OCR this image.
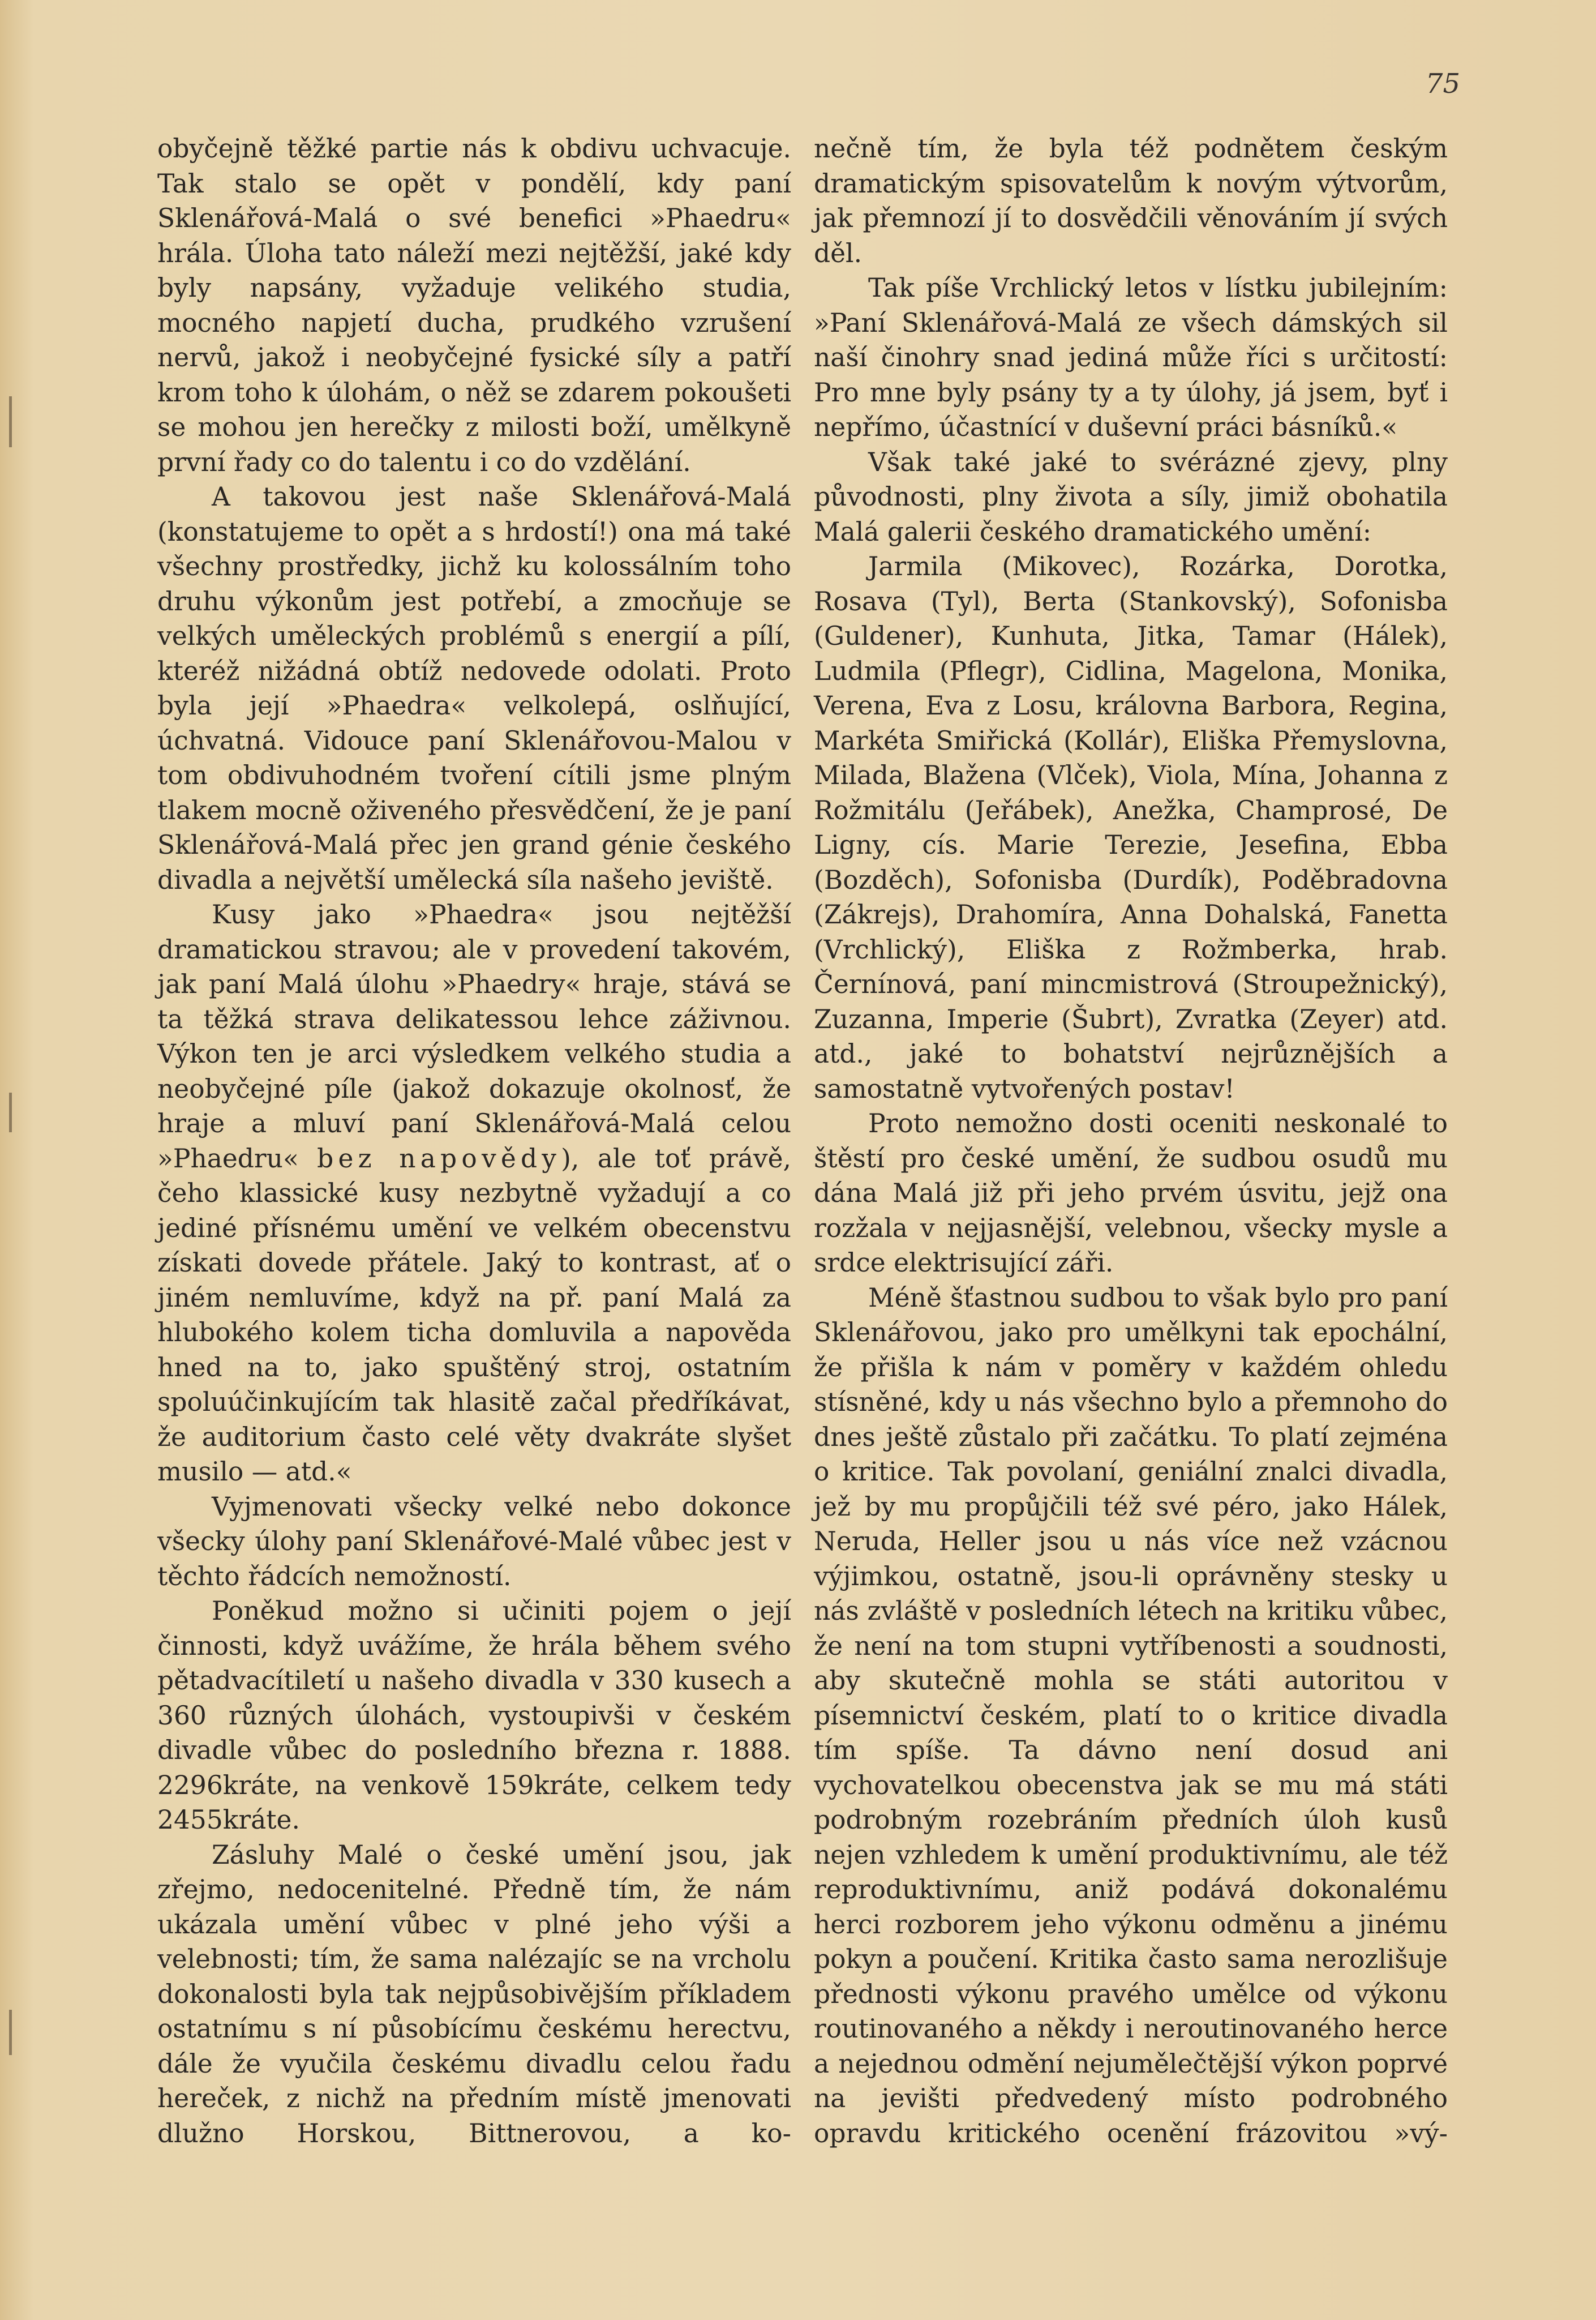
75

obyčejně těžké partie nás k obdivu uchvacuje. Tak stalo se opět v pondělí, kdy paní Sklenářová-Malá o své benefici »Phaedru« hrála. Úloha tato náleží mezi nejtěžší, jaké kdy byly napsány, vyžaduje velikého studia, mocného napjetí ducha, prudkého vzrušení nervů, jakož i neobyčejné fysické síly a patří krom toho k úlohám, o něž se zdarem pokoušeti se mohou jen herečky z milosti boží, umělkyně první řady co do talentu i co do vzdělání.

A takovou jest naše Sklenářová-Malá (konstatujeme to opět a s hrdostí!) ona má také všechny prostředky, jichž ku kolossálním toho druhu výkonům jest potřebí, a zmocňuje se velkých uměleckých problémů s energií a pílí, kteréž nižádná obtíž nedovede odolati. Proto byla její »Phaedra« velkolepá, oslňující, úchvatná. Vidouce paní Sklenářovou-Malou v tom obdivuhodném tvoření cítili jsme plným tlakem mocně oživeného přesvědčení, že je paní Sklenářová-Malá přec jen grand génie českého divadla a největší umělecká síla našeho jeviště.

Kusy jako »Phaedra« jsou nejtěžší dramatickou stravou; ale v provedení takovém, jak paní Malá úlohu »Phaedry« hraje, stává se ta těžká strava delikatessou lehce záživnou. Výkon ten je arci výsledkem velkého studia a neobyčejné píle (jakož dokazuje okolnosť, že hraje a mluví paní Sklenářová-Malá celou »Phaedru« bez napovědy), ale toť právě, čeho klassické kusy nezbytně vyžadují a co jediné přísnému umění ve velkém obecenstvu získati dovede přátele. Jaký to kontrast, ať o jiném nemluvíme, když na př. paní Malá za hlubokého kolem ticha domluvila a napověda hned na to, jako spuštěný stroj, ostatním spoluúčinkujícím tak hlasitě začal předříkávat, že auditorium často celé věty dvakráte slyšet musilo — atd.«

Vyjmenovati všecky velké nebo dokonce všecky úlohy paní Sklenářové-Malé vůbec jest v těchto řádcích nemožností.

Poněkud možno si učiniti pojem o její činnosti, když uvážíme, že hrála během svého pětadvacítiletí u našeho divadla v 330 kusech a 360 různých úlohách, vystoupivši v českém divadle vůbec do posledního března r. 1888. 2296kráte, na venkově 159kráte, celkem tedy 2455kráte.

Zásluhy Malé o české umění jsou, jak zřejmo, nedocenitelné. Předně tím, že nám ukázala umění vůbec v plné jeho výši a velebnosti; tím, že sama nalézajíc se na vrcholu dokonalosti byla tak nejpůsobivějším příkladem ostatnímu s ní působícímu českému herectvu, dále že vyučila českému divadlu celou řadu hereček, z nichž na předním místě jmenovati dlužno Horskou, Bittnerovou, a ko-

nečně tím, že byla též podnětem českým dramatickým spisovatelům k novým výtvorům, jak přemnozí jí to dosvědčili věnováním jí svých děl.

Tak píše Vrchlický letos v lístku jubilejním: »Paní Sklenářová-Malá ze všech dámských sil naší činohry snad jediná může říci s určitostí: Pro mne byly psány ty a ty úlohy, já jsem, byť i nepřímo, účastnící v duševní práci básníků.«

Však také jaké to svérázné zjevy, plny původnosti, plny života a síly, jimiž obohatila Malá galerii českého dramatického umění:

Jarmila (Mikovec), Rozárka, Dorotka, Rosava (Tyl), Berta (Stankovský), Sofonisba (Guldener), Kunhuta, Jitka, Tamar (Hálek), Ludmila (Pflegr), Cidlina, Magelona, Monika, Verena, Eva z Losu, královna Barbora, Regina, Markéta Smiřická (Kollár), Eliška Přemyslovna, Milada, Blažena (Vlček), Viola, Mína, Johanna z Rožmitálu (Jeřábek), Anežka, Champrosé, De Ligny, cís. Marie Terezie, Jesefina, Ebba (Bozděch), Sofonisba (Durdík), Poděbradovna (Zákrejs), Drahomíra, Anna Dohalská, Fanetta (Vrchlický), Eliška z Rožmberka, hrab. Černínová, paní mincmistrová (Stroupežnický), Zuzanna, Imperie (Šubrt), Zvratka (Zeyer) atd. atd., jaké to bohatství nejrůznějších a samostatně vytvořených postav!

Proto nemožno dosti oceniti neskonalé to štěstí pro české umění, že sudbou osudů mu dána Malá již při jeho prvém úsvitu, jejž ona rozžala v nejjasnější, velebnou, všecky mysle a srdce elektrisující záři.

Méně šťastnou sudbou to však bylo pro paní Sklenářovou, jako pro umělkyni tak epochální, že přišla k nám v poměry v každém ohledu stísněné, kdy u nás všechno bylo a přemnoho do dnes ještě zůstalo při začátku. To platí zejména o kritice. Tak povolaní, geniální znalci divadla, jež by mu propůjčili též své péro, jako Hálek, Neruda, Heller jsou u nás více než vzácnou výjimkou, ostatně, jsou-li oprávněny stesky u nás zvláště v posledních létech na kritiku vůbec, že není na tom stupni vytříbenosti a soudnosti, aby skutečně mohla se státi autoritou v písemnictví českém, platí to o kritice divadla tím spíše. Ta dávno není dosud ani vychovatelkou obecenstva jak se mu má státi podrobným rozebráním předních úloh kusů nejen vzhledem k umění produktivnímu, ale též reproduktivnímu, aniž podává dokonalému herci rozborem jeho výkonu odměnu a jinému pokyn a poučení. Kritika často sama nerozlišuje přednosti výkonu pravého umělce od výkonu routinovaného a někdy i neroutinovaného herce a nejednou odmění nejumělečtější výkon poprvé na jevišti předvedený místo podrobného opravdu kritického ocenění frázovitou »vý-
